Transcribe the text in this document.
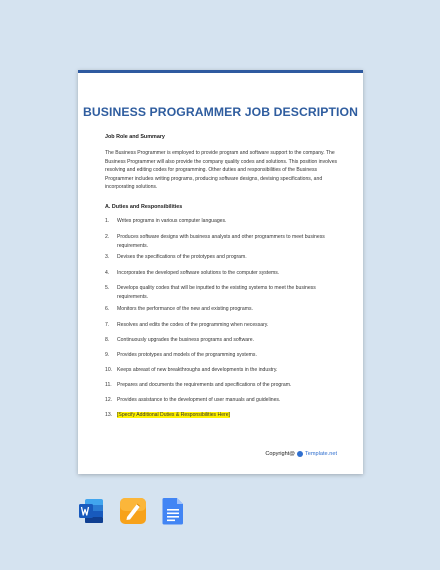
BUSINESS PROGRAMMER JOB DESCRIPTION
Job Role and Summary

The Business Programmer is employed to provide program and software support to the company. The Business Programmer will also provide the company quality codes and solutions. This position involves resolving and editing codes for programming. Other duties and responsibilities of the Business Programmer includes writing programs, producing software designs, devising specifications, and incorporating solutions.

A. Duties and Responsibilities
1.	Writes programs in various computer languages.
2.	Produces software designs with business analysts and other programmers to meet business requirements.
3.	Devises the specifications of the prototypes and program.
4.	Incorporates the developed software solutions to the computer systems.
5.	Develops quality codes that will be inputted to the existing systems to meet the business requirements.
6.	Monitors the performance of the new and existing programs.
7.	Resolves and edits the codes of the programming when necessary.
8.	Continuously upgrades the business programs and software.
9.	Provides prototypes and models of the programming systems.
10. Keeps abreast of new breakthroughs and developments in the industry.
11.	Prepares and documents the requirements and specifications of the program.
12. Provides assistance to the development of user manuals and guidelines.
13. [Specify Additional Duties & Responsibilities Here]
Copyright@ Template.net
